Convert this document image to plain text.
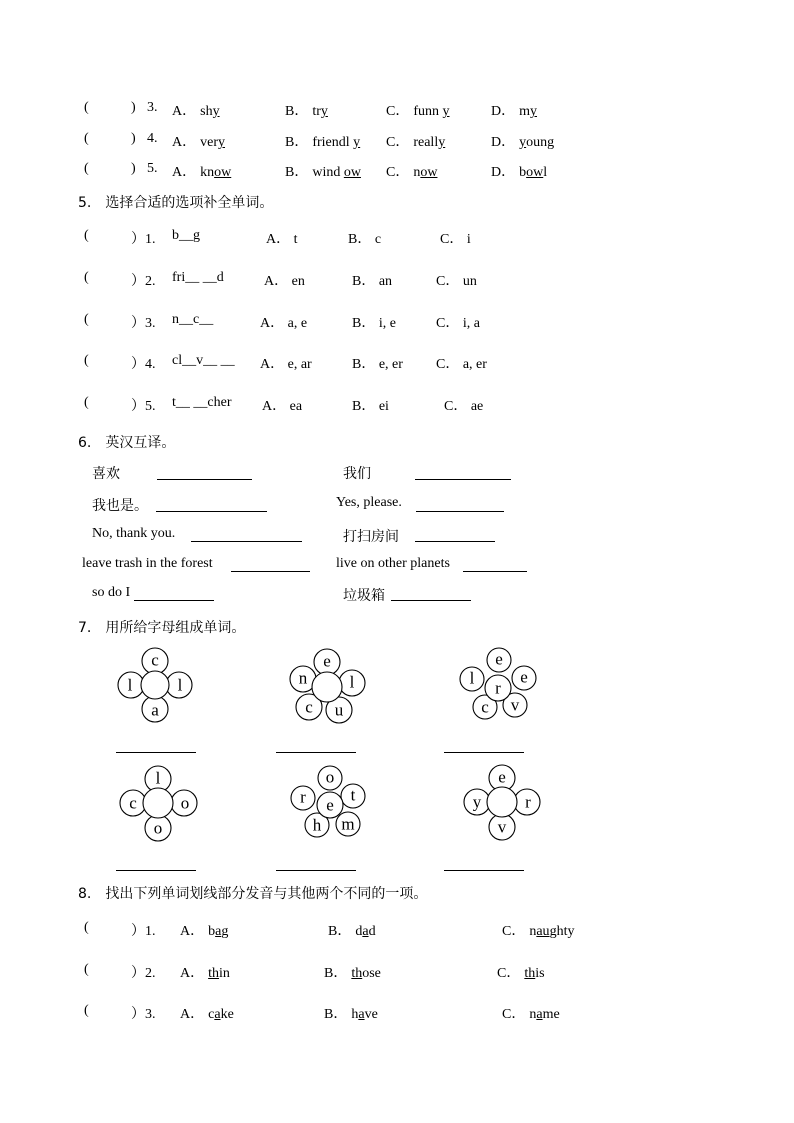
(	) 3. A． shy	B． try	C． funn y	D． my
(	) 4. A． very	B． friendl y C． really	D． young
(	) 5. A． know	B． wind ow C． now	D． bowl
5.　选择合适的选项补全单词。
(	）1. b__g	A． t	B． c	C． i
(	）2. fri__ __d	A． en	B． an	C． un
(	）3. n__c__	A． a, e	B． i, e	C． i, a
(	）4. cl__v__ __ A． e, ar	B． e, er C． a, er
(	）5. t__ __cher A． ea	B． ei	C． ae
6.　英汉互译。
喜欢	我们
我也是。	Yes, please.
No, thank you.	打扫房间
leave trash in the forest	live on other planets
so do I	垃圾箱
7.　用所给字母组成单词。
c
l	l
a
e
n l
c u
e
l	e
r
c v
l
c	o
o
o
r	t
e
h m
e
y	r
v
8.　找出下列单词划线部分发音与其他两个不同的一项。
(	）1. A． bag	B． dad	C． naughty
(	）2. A． thin	B． those	C． this
(	）3. A． cake	B． have	C． name
